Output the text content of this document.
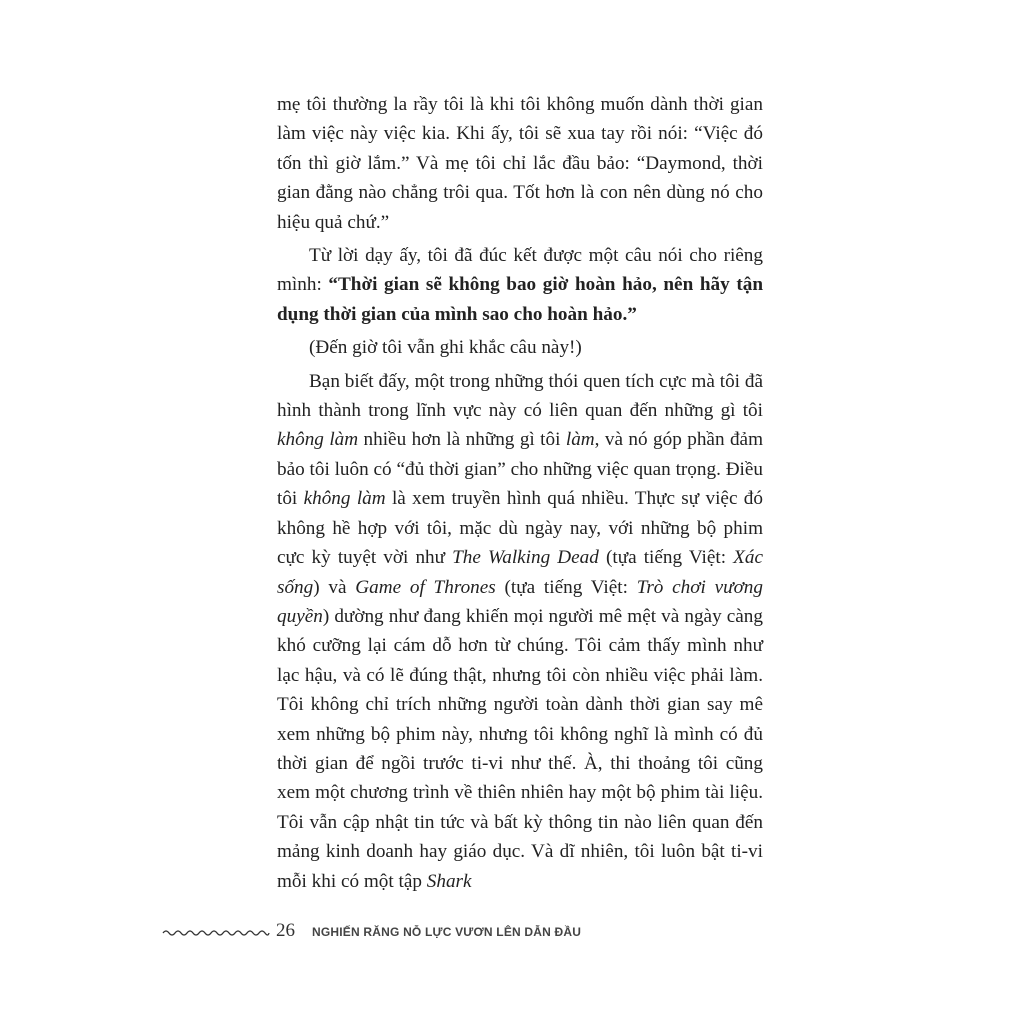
mẹ tôi thường la rầy tôi là khi tôi không muốn dành thời gian làm việc này việc kia. Khi ấy, tôi sẽ xua tay rồi nói: “Việc đó tốn thì giờ lắm.” Và mẹ tôi chỉ lắc đầu bảo: “Daymond, thời gian đằng nào chẳng trôi qua. Tốt hơn là con nên dùng nó cho hiệu quả chứ.”

Từ lời dạy ấy, tôi đã đúc kết được một câu nói cho riêng mình: “Thời gian sẽ không bao giờ hoàn hảo, nên hãy tận dụng thời gian của mình sao cho hoàn hảo.”

(Đến giờ tôi vẫn ghi khắc câu này!)

Bạn biết đấy, một trong những thói quen tích cực mà tôi đã hình thành trong lĩnh vực này có liên quan đến những gì tôi không làm nhiều hơn là những gì tôi làm, và nó góp phần đảm bảo tôi luôn có “đủ thời gian” cho những việc quan trọng. Điều tôi không làm là xem truyền hình quá nhiều. Thực sự việc đó không hề hợp với tôi, mặc dù ngày nay, với những bộ phim cực kỳ tuyệt vời như The Walking Dead (tựa tiếng Việt: Xác sống) và Game of Thrones (tựa tiếng Việt: Trò chơi vương quyền) dường như đang khiến mọi người mê mệt và ngày càng khó cưỡng lại cám dỗ hơn từ chúng. Tôi cảm thấy mình như lạc hậu, và có lẽ đúng thật, nhưng tôi còn nhiều việc phải làm. Tôi không chỉ trích những người toàn dành thời gian say mê xem những bộ phim này, nhưng tôi không nghĩ là mình có đủ thời gian để ngồi trước ti-vi như thế. À, thi thoảng tôi cũng xem một chương trình về thiên nhiên hay một bộ phim tài liệu. Tôi vẫn cập nhật tin tức và bất kỳ thông tin nào liên quan đến mảng kinh doanh hay giáo dục. Và dĩ nhiên, tôi luôn bật ti-vi mỗi khi có một tập Shark

26 NGHIẾN RĂNG NỖ LỰC VƯƠN LÊN DẪN ĐẦU
